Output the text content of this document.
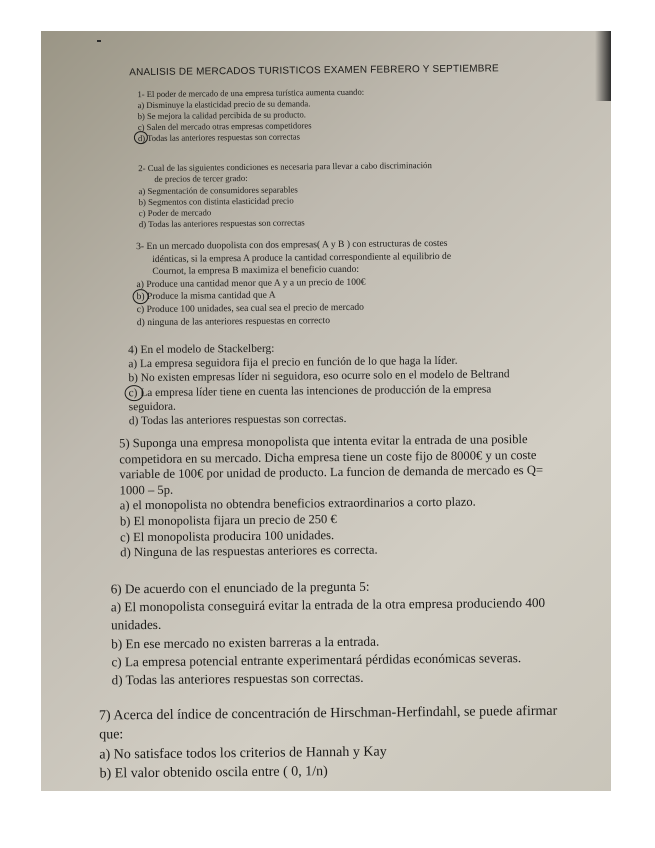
ANALISIS DE MERCADOS TURISTICOS EXAMEN FEBRERO Y SEPTIEMBRE
1- El poder de mercado de una empresa turística aumenta cuando:
a) Disminuye la elasticidad precio de su demanda.
b) Se mejora la calidad percibida de su producto.
c) Salen del mercado otras empresas competidores
d) Todas las anteriores respuestas son correctas
2- Cual de las siguientes condiciones es necesaria para llevar a cabo discriminación
de precios de tercer grado:
a) Segmentación de consumidores separables
b) Segmentos con distinta elasticidad precio
c) Poder de mercado
d) Todas las anteriores respuestas son correctas
3- En un mercado duopolista con dos empresas( A y B ) con estructuras de costes
idénticas, si la empresa A produce la cantidad correspondiente al equilibrio de
Cournot, la empresa B maximiza el beneficio cuando:
a) Produce una cantidad menor que A y a un precio de 100€
b) Produce la misma cantidad que A
c) Produce 100 unidades, sea cual sea el precio de mercado
d) ninguna de las anteriores respuestas en correcto
4) En el modelo de Stackelberg:
a) La empresa seguidora fija el precio en función de lo que haga la líder.
b) No existen empresas líder ni seguidora, eso ocurre solo en el modelo de Beltrand
c) La empresa líder tiene en cuenta las intenciones de producción de la empresa
seguidora.
d) Todas las anteriores respuestas son correctas.
5) Suponga una empresa monopolista que intenta evitar la entrada de una posible
competidora en su mercado. Dicha empresa tiene un coste fijo de 8000€ y un coste
variable de 100€ por unidad de producto. La funcion de demanda de mercado es Q=
1000 – 5p.
a) el monopolista no obtendra beneficios extraordinarios a corto plazo.
b) El monopolista fijara un precio de 250 €
c) El monopolista producira 100 unidades.
d) Ninguna de las respuestas anteriores es correcta.
6) De acuerdo con el enunciado de la pregunta 5:
a) El monopolista conseguirá evitar la entrada de la otra empresa produciendo 400
unidades.
b) En ese mercado no existen barreras a la entrada.
c) La empresa potencial entrante experimentará pérdidas económicas severas.
d) Todas las anteriores respuestas son correctas.
7) Acerca del índice de concentración de Hirschman-Herfindahl, se puede afirmar
que:
a) No satisface todos los criterios de Hannah y Kay
b) El valor obtenido oscila entre ( 0, 1/n)
